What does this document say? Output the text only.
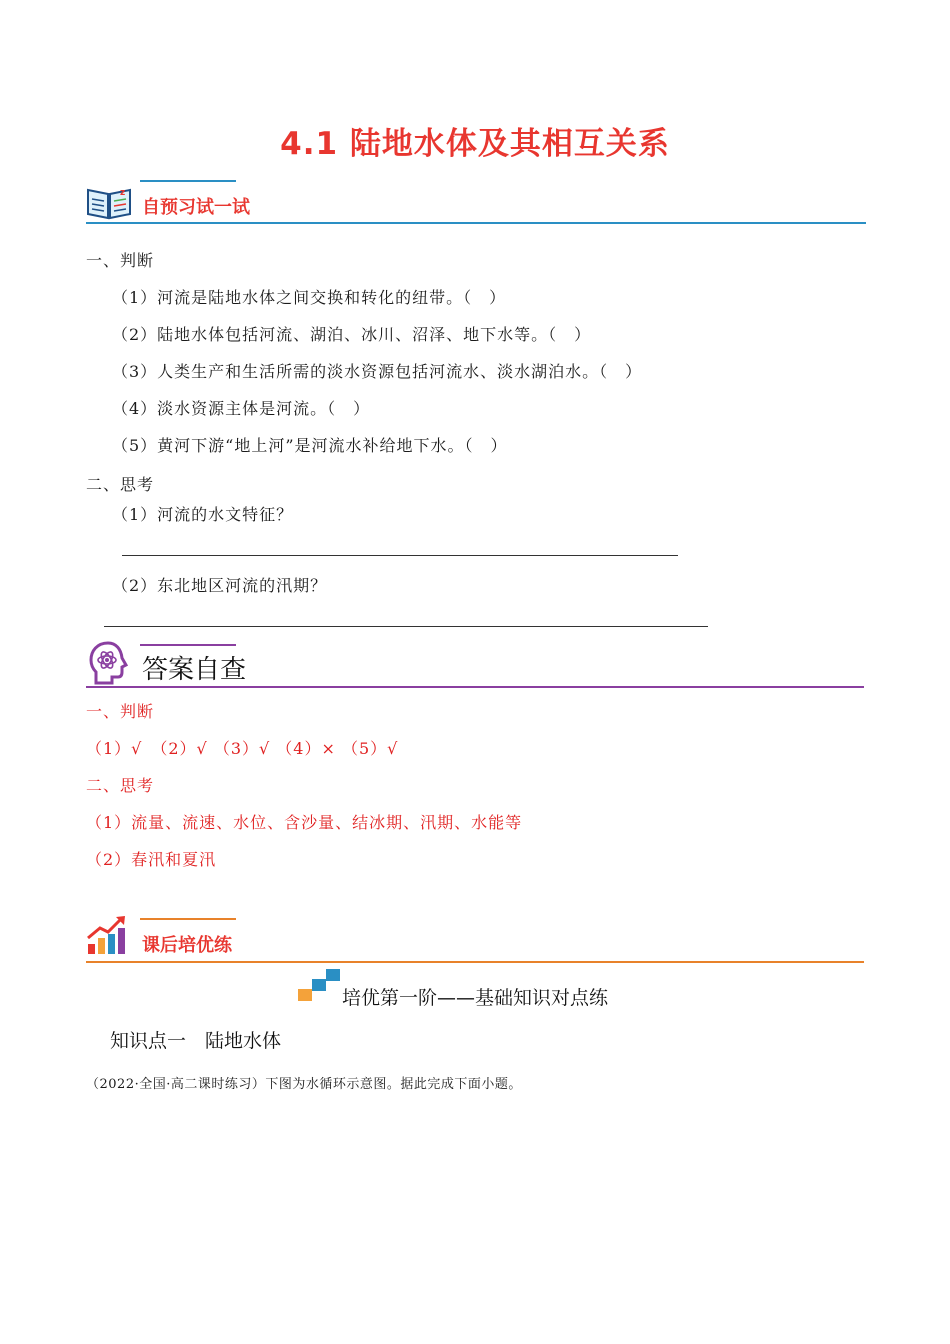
4.1 陆地水体及其相互关系
z
自预习试一试
一、判断
（1）河流是陆地水体之间交换和转化的纽带。（　）
（2）陆地水体包括河流、湖泊、冰川、沼泽、地下水等。（　）
（3）人类生产和生活所需的淡水资源包括河流水、淡水湖泊水。（　）
（4）淡水资源主体是河流。（　）
（5）黄河下游“地上河”是河流水补给地下水。（　）
二、思考
（1）河流的水文特征？
（2）东北地区河流的汛期？
答案自查
一、判断
（1）√　（2）√ （3）√ （4）× （5）√
二、思考
（1）流量、流速、水位、含沙量、结冰期、汛期、水能等
（2）春汛和夏汛
课后培优练
培优第一阶——基础知识对点练
知识点一　陆地水体
（2022·全国·高二课时练习）下图为水循环示意图。据此完成下面小题。
